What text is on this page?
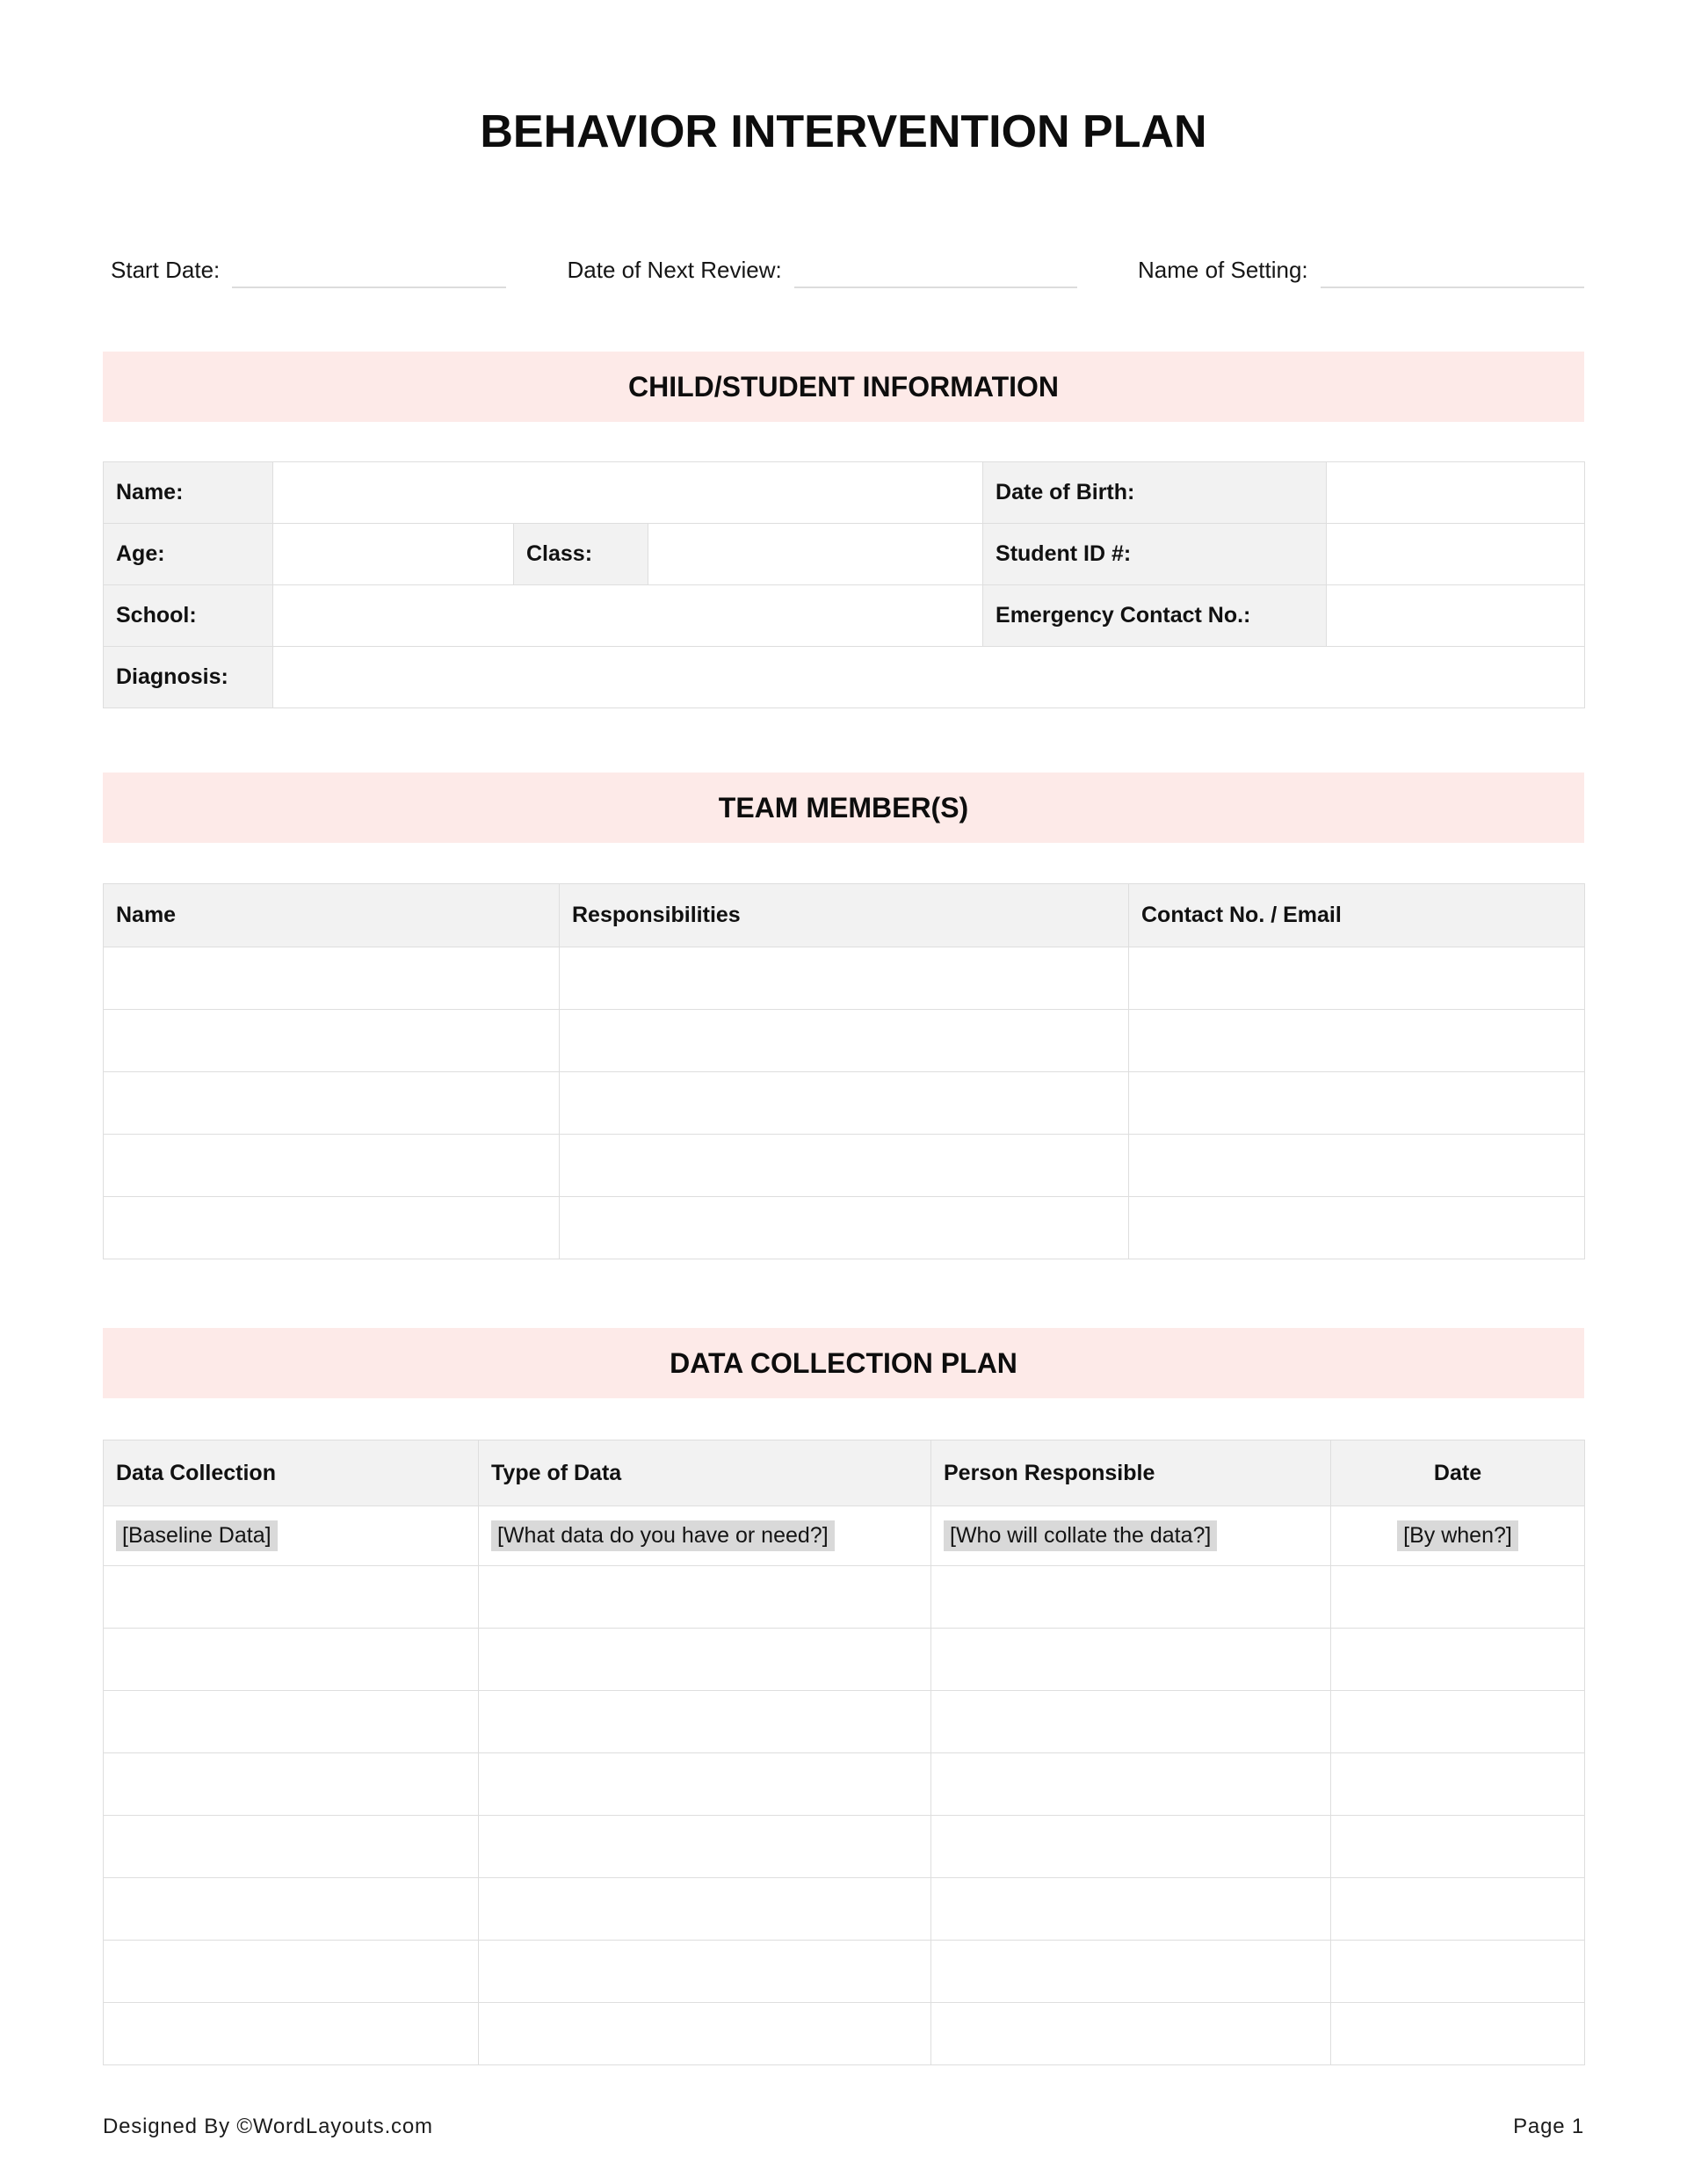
BEHAVIOR INTERVENTION PLAN
Start Date:	Date of Next Review:	Name of Setting:
CHILD/STUDENT INFORMATION
Name:				Date of Birth:	
Age:		Class:		Student ID #:	
School:				Emergency Contact No.:	
Diagnosis:					
TEAM MEMBER(S)
Name	Responsibilities	Contact No. / Email

DATA COLLECTION PLAN
Data Collection	Type of Data	Person Responsible	Date
[Baseline Data]	[What data do you have or need?]	[Who will collate the data?]	[By when?]

Designed By ©WordLayouts.com	Page 1
